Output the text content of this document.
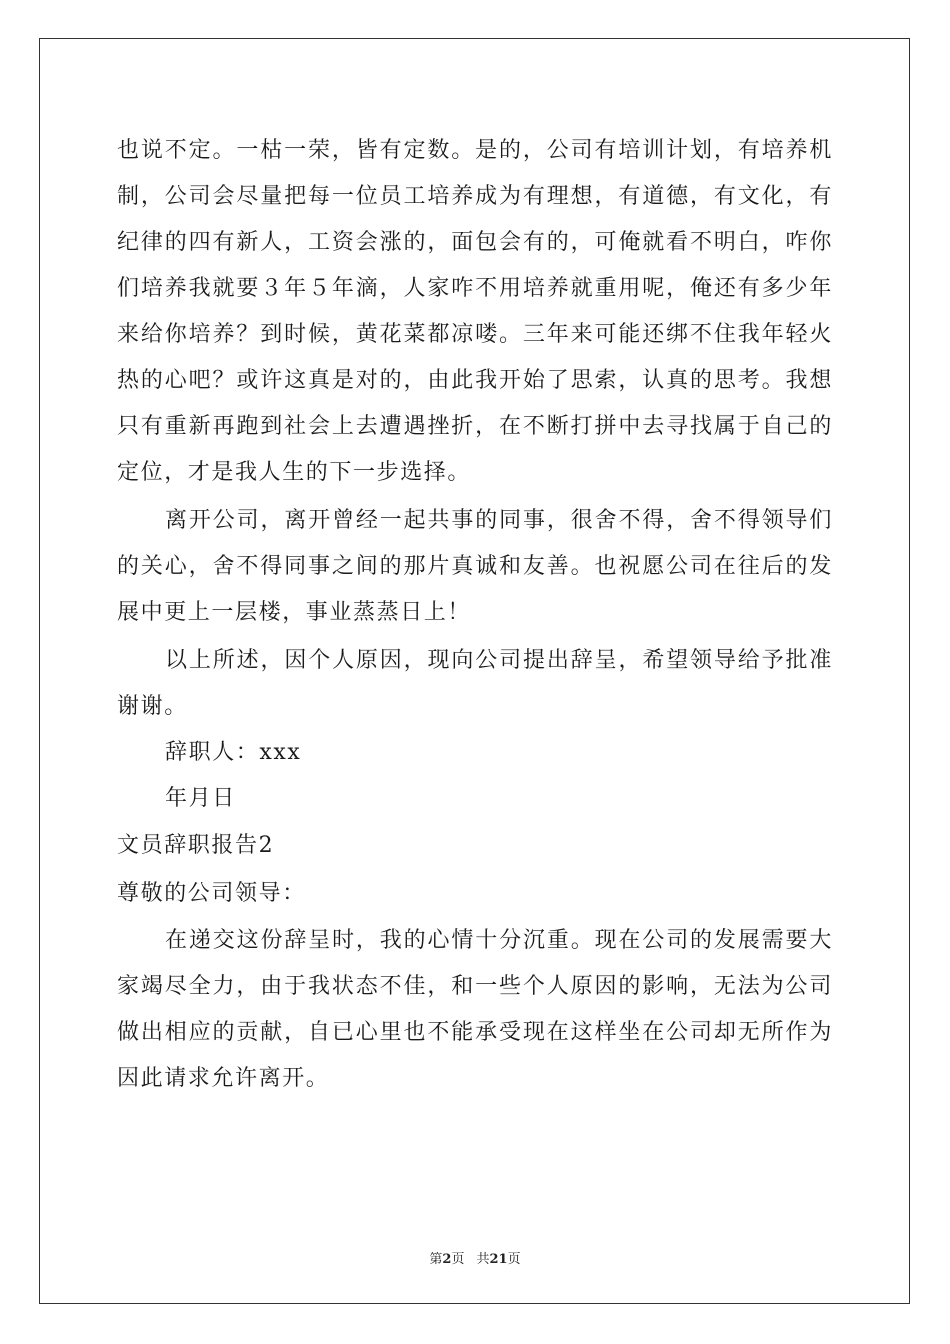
也说不定。一枯一荣，皆有定数。是的，公司有培训计划，有培养机制，公司会尽量把每一位员工培养成为有理想，有道德，有文化，有纪律的四有新人，工资会涨的，面包会有的，可俺就看不明白，咋你们培养我就要３年５年滴，人家咋不用培养就重用呢，俺还有多少年来给你培养？到时候，黄花菜都凉喽。三年来可能还绑不住我年轻火热的心吧？或许这真是对的，由此我开始了思索，认真的思考。我想只有重新再跑到社会上去遭遇挫折，在不断打拼中去寻找属于自己的定位，才是我人生的下一步选择。

离开公司，离开曾经一起共事的同事，很舍不得，舍不得领导们的关心，舍不得同事之间的那片真诚和友善。也祝愿公司在往后的发展中更上一层楼，事业蒸蒸日上！

以上所述，因个人原因，现向公司提出辞呈，希望领导给予批准谢谢。

辞职人：xxx

年月日

文员辞职报告2

尊敬的公司领导：

在递交这份辞呈时，我的心情十分沉重。现在公司的发展需要大家竭尽全力，由于我状态不佳，和一些个人原因的影响，无法为公司做出相应的贡献，自已心里也不能承受现在这样坐在公司却无所作为因此请求允许离开。

第2页 共21页
